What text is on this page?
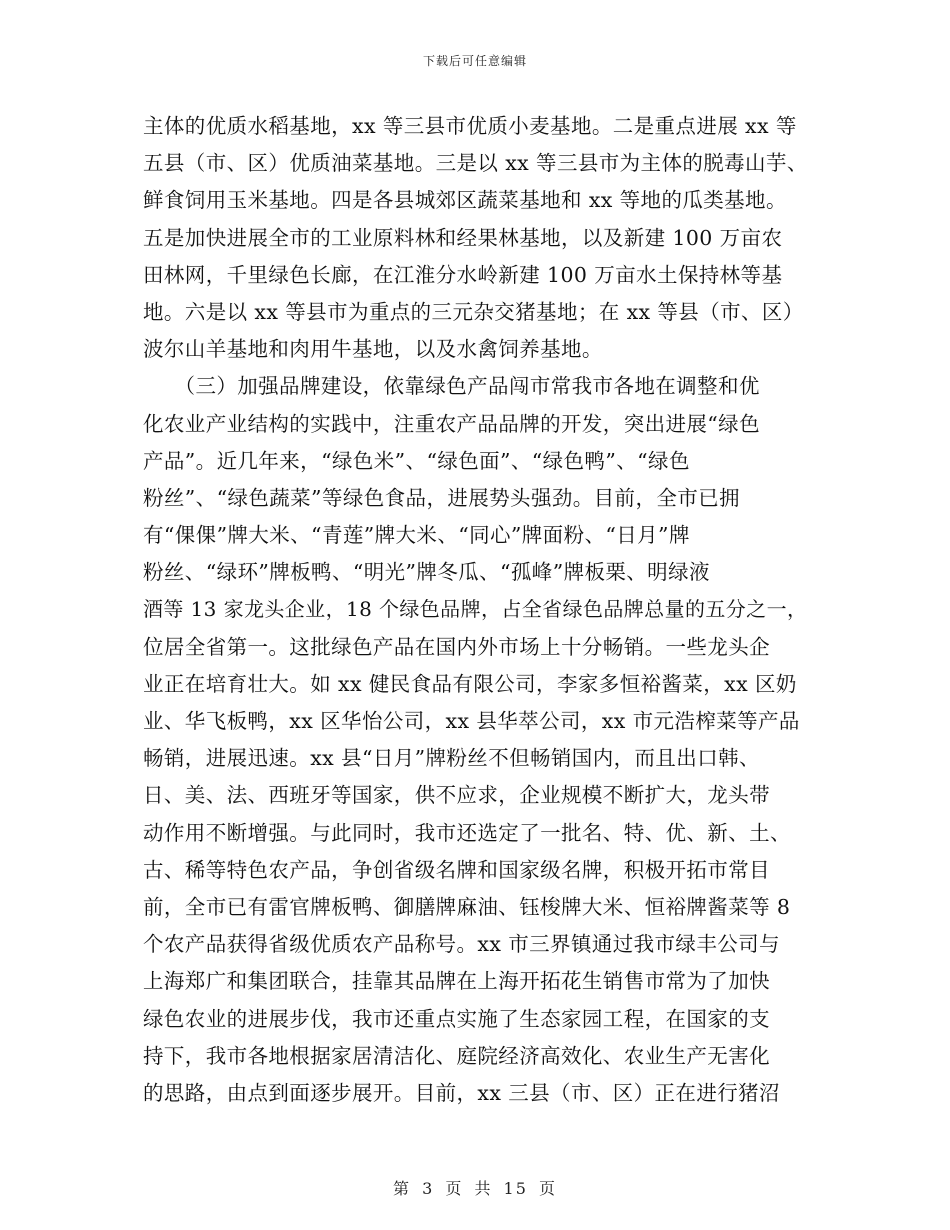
下载后可任意编辑
主体的优质水稻基地，xx 等三县市优质小麦基地。二是重点进展 xx 等
五县（市、区）优质油菜基地。三是以 xx 等三县市为主体的脱毒山芋、
鲜食饲用玉米基地。四是各县城郊区蔬菜基地和 xx 等地的瓜类基地。
五是加快进展全市的工业原料林和经果林基地，以及新建 100 万亩农
田林网，千里绿色长廊，在江淮分水岭新建 100 万亩水土保持林等基
地。六是以 xx 等县市为重点的三元杂交猪基地；在 xx 等县（市、区）
波尔山羊基地和肉用牛基地，以及水禽饲养基地。
　　（三）加强品牌建设，依靠绿色产品闯市常我市各地在调整和优
化农业产业结构的实践中，注重农产品品牌的开发，突出进展“绿色
产品”。近几年来，“绿色米”、“绿色面”、“绿色鸭”、“绿色
粉丝”、“绿色蔬菜”等绿色食品，进展势头强劲。目前，全市已拥
有“倮倮”牌大米、“青莲”牌大米、“同心”牌面粉、“日月”牌
粉丝、“绿环”牌板鸭、“明光”牌冬瓜、“孤峰”牌板栗、明绿液
酒等 13 家龙头企业，18 个绿色品牌，占全省绿色品牌总量的五分之一，
位居全省第一。这批绿色产品在国内外市场上十分畅销。一些龙头企
业正在培育壮大。如 xx 健民食品有限公司，李家多恒裕酱菜，xx 区奶
业、华飞板鸭，xx 区华怡公司，xx 县华萃公司，xx 市元浩榨菜等产品
畅销，进展迅速。xx 县“日月”牌粉丝不但畅销国内，而且出口韩、
日、美、法、西班牙等国家，供不应求，企业规模不断扩大，龙头带
动作用不断增强。与此同时，我市还选定了一批名、特、优、新、土、
古、稀等特色农产品，争创省级名牌和国家级名牌，积极开拓市常目
前，全市已有雷官牌板鸭、御膳牌麻油、钰梭牌大米、恒裕牌酱菜等 8
个农产品获得省级优质农产品称号。xx 市三界镇通过我市绿丰公司与
上海郑广和集团联合，挂靠其品牌在上海开拓花生销售市常为了加快
绿色农业的进展步伐，我市还重点实施了生态家园工程，在国家的支
持下，我市各地根据家居清洁化、庭院经济高效化、农业生产无害化
的思路，由点到面逐步展开。目前，xx 三县（市、区）正在进行猪沼
第 3 页 共 15 页
